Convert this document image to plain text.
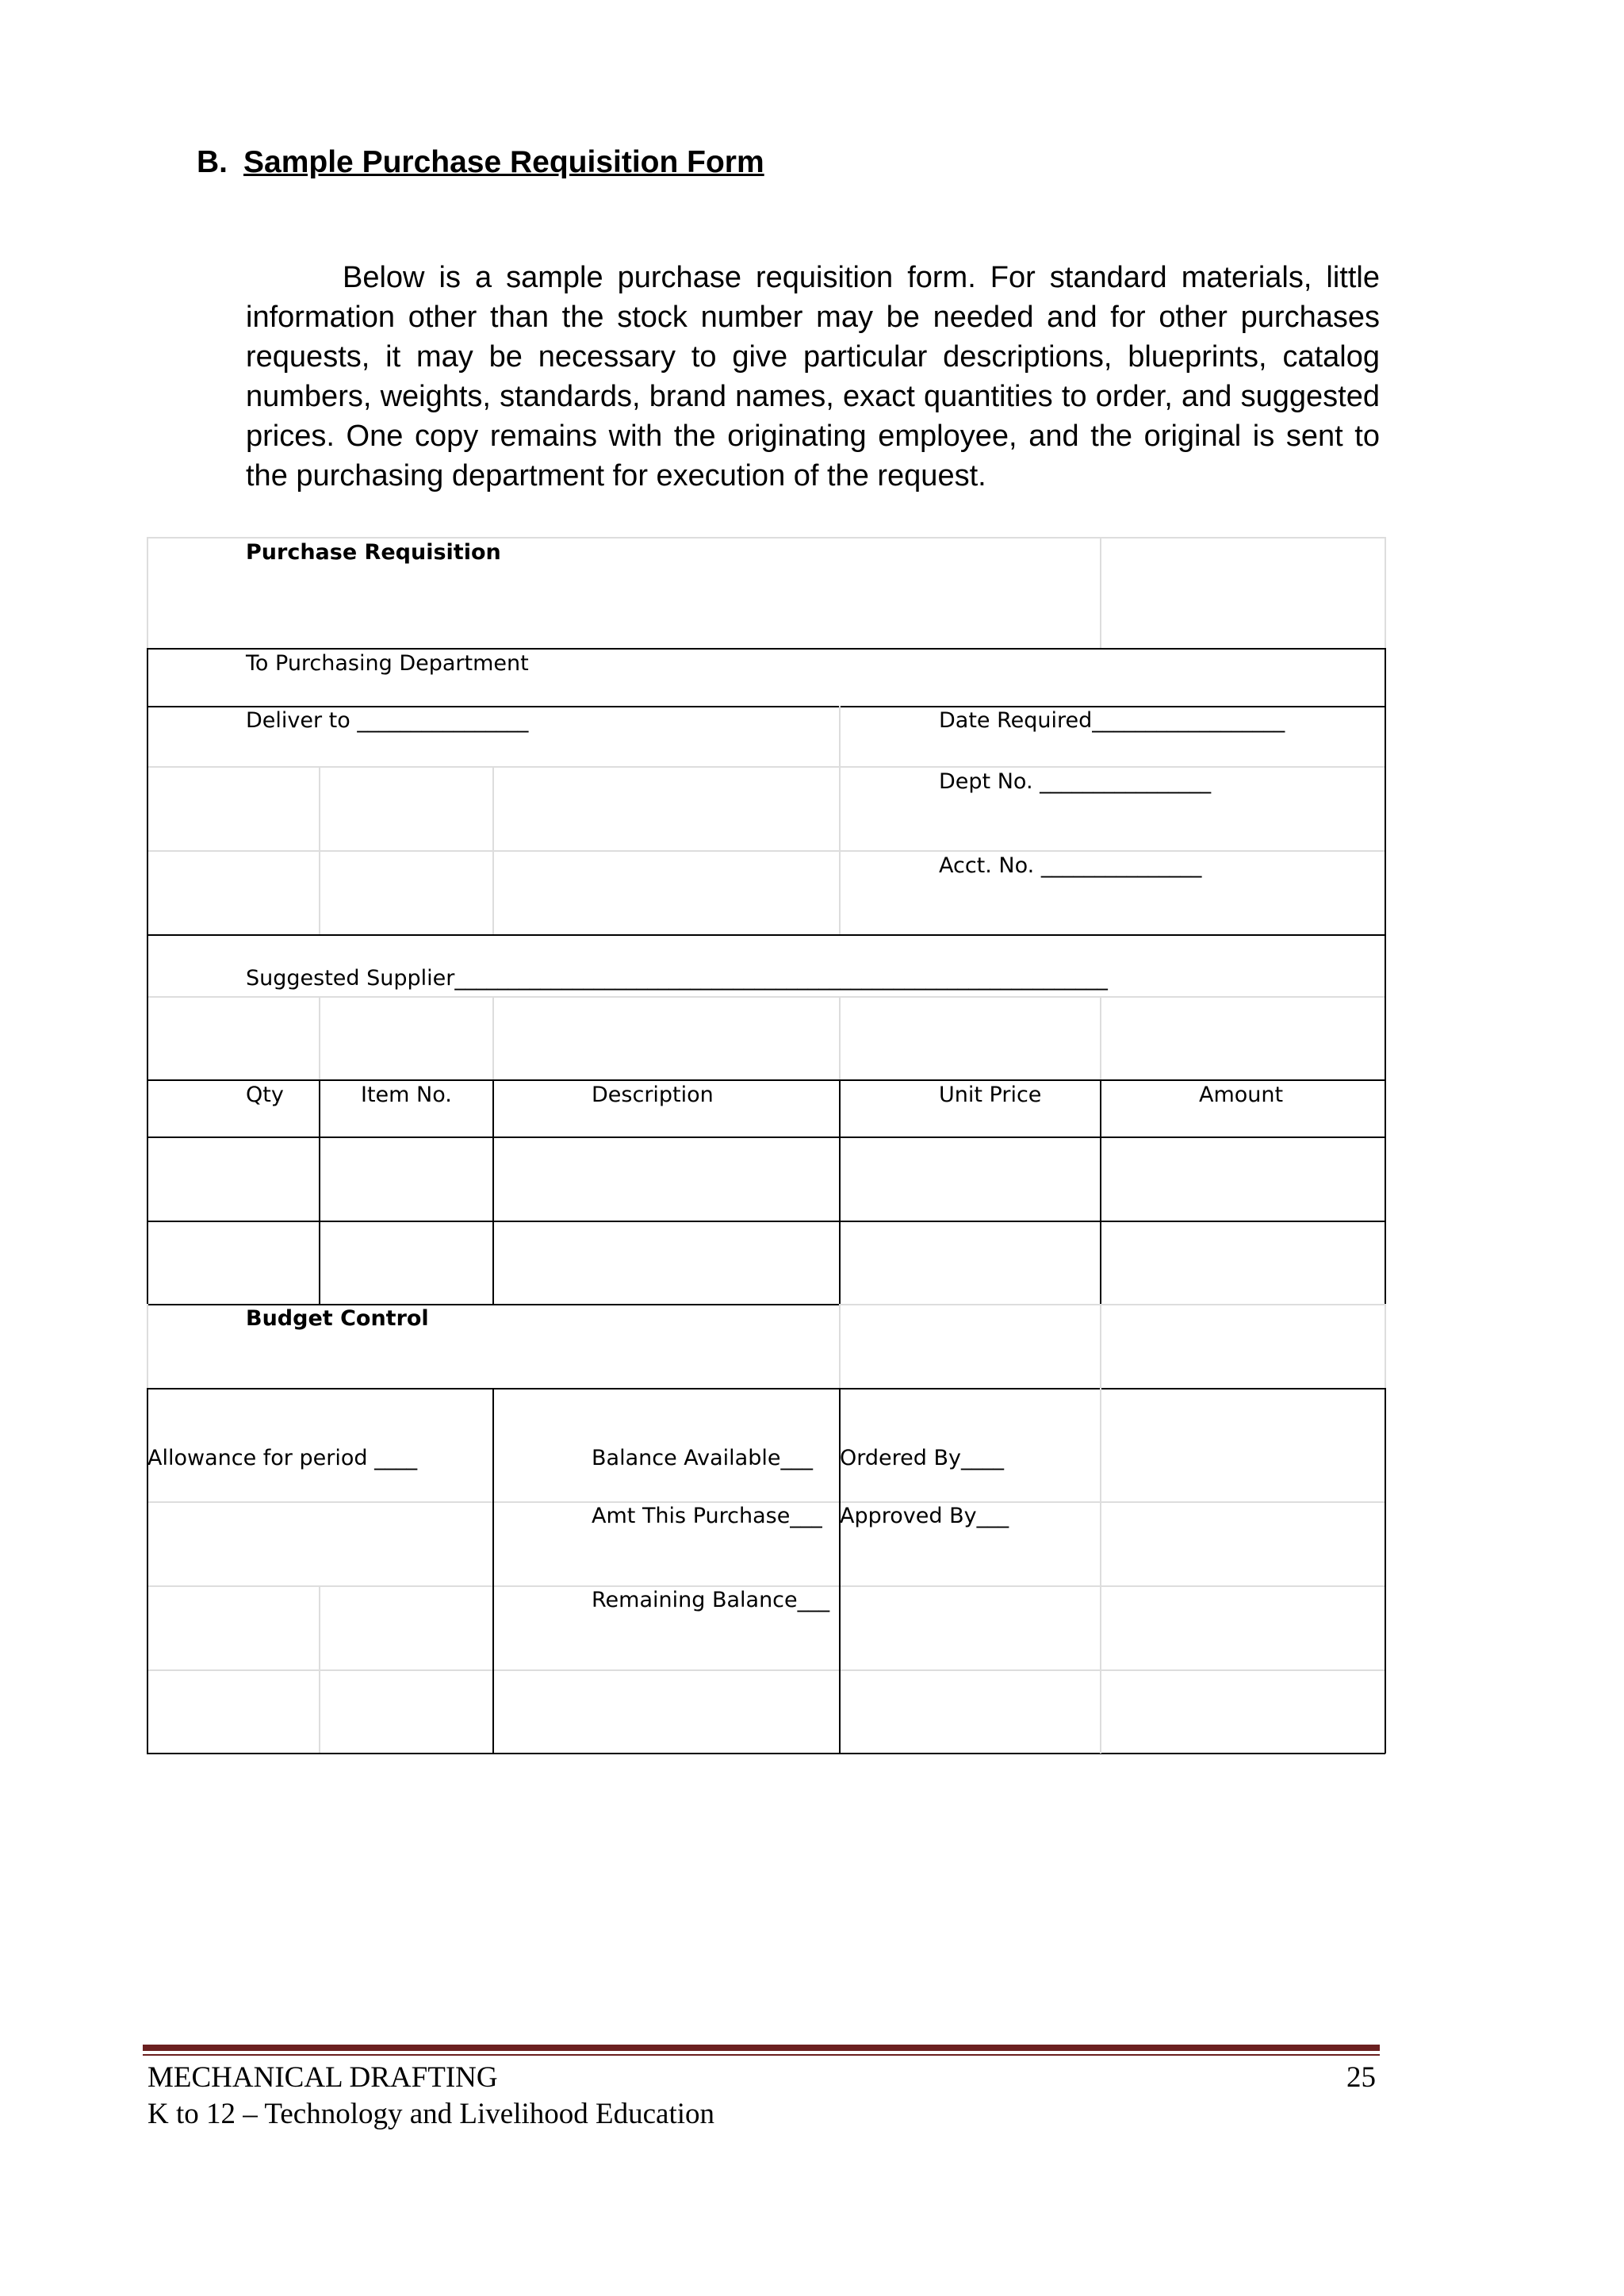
B. Sample Purchase Requisition Form
Below is a sample purchase requisition form. For standard materials, little information other than the stock number may be needed and for other purchases requests, it may be necessary to give particular descriptions, blueprints, catalog numbers, weights, standards, brand names, exact quantities to order, and suggested prices. One copy remains with the originating employee, and the original is sent to the purchasing department for execution of the request.
Purchase Requisition
To Purchasing Department
Deliver to ________________	Date Required__________________
Dept No. ________________
Acct. No. _______________
Suggested Supplier_____________________________________________________________
Qty	Item No.	Description	Unit Price	Amount
Budget Control
Allowance for period ____	Balance Available___ Ordered By____
Amt This Purchase___ Approved By___
Remaining Balance___
MECHANICAL DRAFTING	25
K to 12 – Technology and Livelihood Education
